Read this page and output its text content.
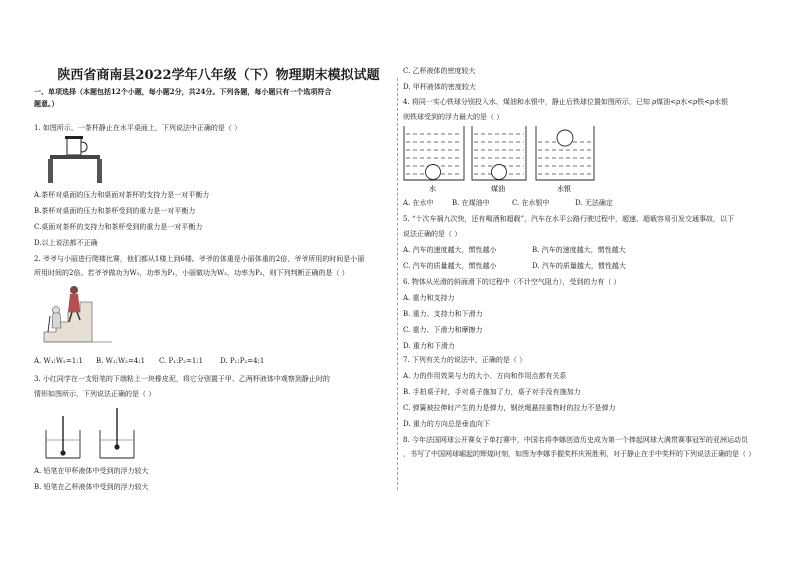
陕西省商南县2022学年八年级（下）物理期末模拟试题
一、单项选择（本题包括12个小题，每小题2分，共24分。下列各题，每小题只有一个选项符合
题意。）
1. 如图所示，一茶杯静止在水平桌面上，下列说法中正确的是（ ）
A.茶杯对桌面的压力和桌面对茶杯的支持力是一对平衡力
B.茶杯对桌面的压力和茶杯受到的重力是一对平衡力
C.桌面对茶杯的支持力和茶杯受到的重力是一对平衡力
D.以上说法都不正确
2. 爷爷与小丽进行爬楼比赛，他们都从1楼上到6楼。爷爷的体重是小丽体重的2倍，爷爷所用的时间是小丽
所用时间的2倍。若爷爷做功为W₁，功率为P₁，小丽做功为W₂，功率为P₂，则下列判断正确的是（ ）
A. W₁:W₂=1:1 B. W₁:W₂=4:1 C. P₁:P₂=1:1 D. P₁:P₂=4:1
3. 小红同学在一支铅笔的下端粘上一块橡皮泥，将它分别置于甲、乙两杯液体中观察到静止时的
情形如图所示，下列说法正确的是（ ）
A. 铅笔在甲杯液体中受到的浮力较大
B. 铅笔在乙杯液体中受到的浮力较大
C. 乙杯液体的密度较大
D. 甲杯液体的密度较大
4. 将同一实心铁球分别投入水、煤油和水银中，静止后铁球位置如图所示，已知 ρ煤油<ρ水<ρ铁<ρ水银
则铁球受到的浮力最大的是（ ）
水	煤油	水银
A. 在水中	B. 在煤油中	C. 在水银中	D. 无法确定
5. “十次车祸九次快，还有喝酒和超载”，汽车在水平公路行驶过程中，超速、超载容易引发交通事故，以下
说法正确的是（ ）
A. 汽车的速度越大，惯性越小	B. 汽车的速度越大，惯性越大
C. 汽车的质量越大，惯性越小	D. 汽车的质量越大，惯性越大
6. 物体从光滑的斜面滑下的过程中（不计空气阻力），受到的力有（ ）
A. 重力和支持力
B. 重力、支持力和下滑力
C. 重力、下滑力和摩擦力
D. 重力和下滑力
7. 下列有关力的说法中，正确的是（ ）
A. 力的作用效果与力的大小、方向和作用点都有关系
B. 手拍桌子时，手对桌子施加了力，桌子对手没有施加力
C. 弹簧被拉伸时产生的力是弹力，钢丝绳悬挂重物时的拉力不是弹力
D. 重力的方向总是垂直向下
8. 今年法国网球公开赛女子单打赛中，中国名将李娜创造历史成为第一个捧起网球大满贯赛事冠军的亚洲运动员
，书写了中国网球崛起的辉煌时刻，如图为李娜手握奖杯庆祝胜利，对于静止在手中奖杯的下列说法正确的是（ ）
